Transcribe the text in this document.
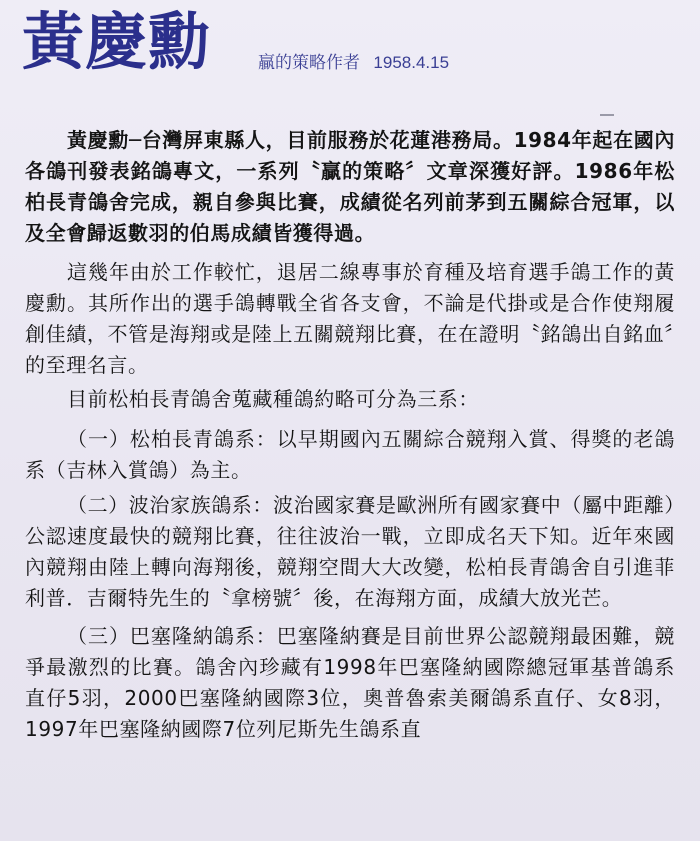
黃慶勳	贏的策略作者 1958.4.15

黃慶勳─台灣屏東縣人，目前服務於花蓮港務局。1984年起在國內各鴿刊發表銘鴿專文，一系列〝贏的策略〞文章深獲好評。1986年松柏長青鴿舍完成，親自參與比賽，成績從名列前茅到五關綜合冠軍，以及全會歸返數羽的伯馬成績皆獲得過。

這幾年由於工作較忙，退居二線專事於育種及培育選手鴿工作的黃慶勳。其所作出的選手鴿轉戰全省各支會，不論是代掛或是合作使翔履創佳績，不管是海翔或是陸上五關競翔比賽，在在證明〝銘鴿出自銘血〞的至理名言。

目前松柏長青鴿舍蒐藏種鴿約略可分為三系：

（一）松柏長青鴿系：以早期國內五關綜合競翔入賞、得獎的老鴿系（吉林入賞鴿）為主。

（二）波治家族鴿系：波治國家賽是歐洲所有國家賽中（屬中距離）公認速度最快的競翔比賽，往往波治一戰，立即成名天下知。近年來國內競翔由陸上轉向海翔後，競翔空間大大改變，松柏長青鴿舍自引進菲利普．吉爾特先生的〝拿榜號〞後，在海翔方面，成績大放光芒。

（三）巴塞隆納鴿系：巴塞隆納賽是目前世界公認競翔最困難，競爭最激烈的比賽。鴿舍內珍藏有1998年巴塞隆納國際總冠軍基普鴿系直仔5羽，2000巴塞隆納國際3位，奧普魯索美爾鴿系直仔、女8羽，1997年巴塞隆納國際7位列尼斯先生鴿系直
